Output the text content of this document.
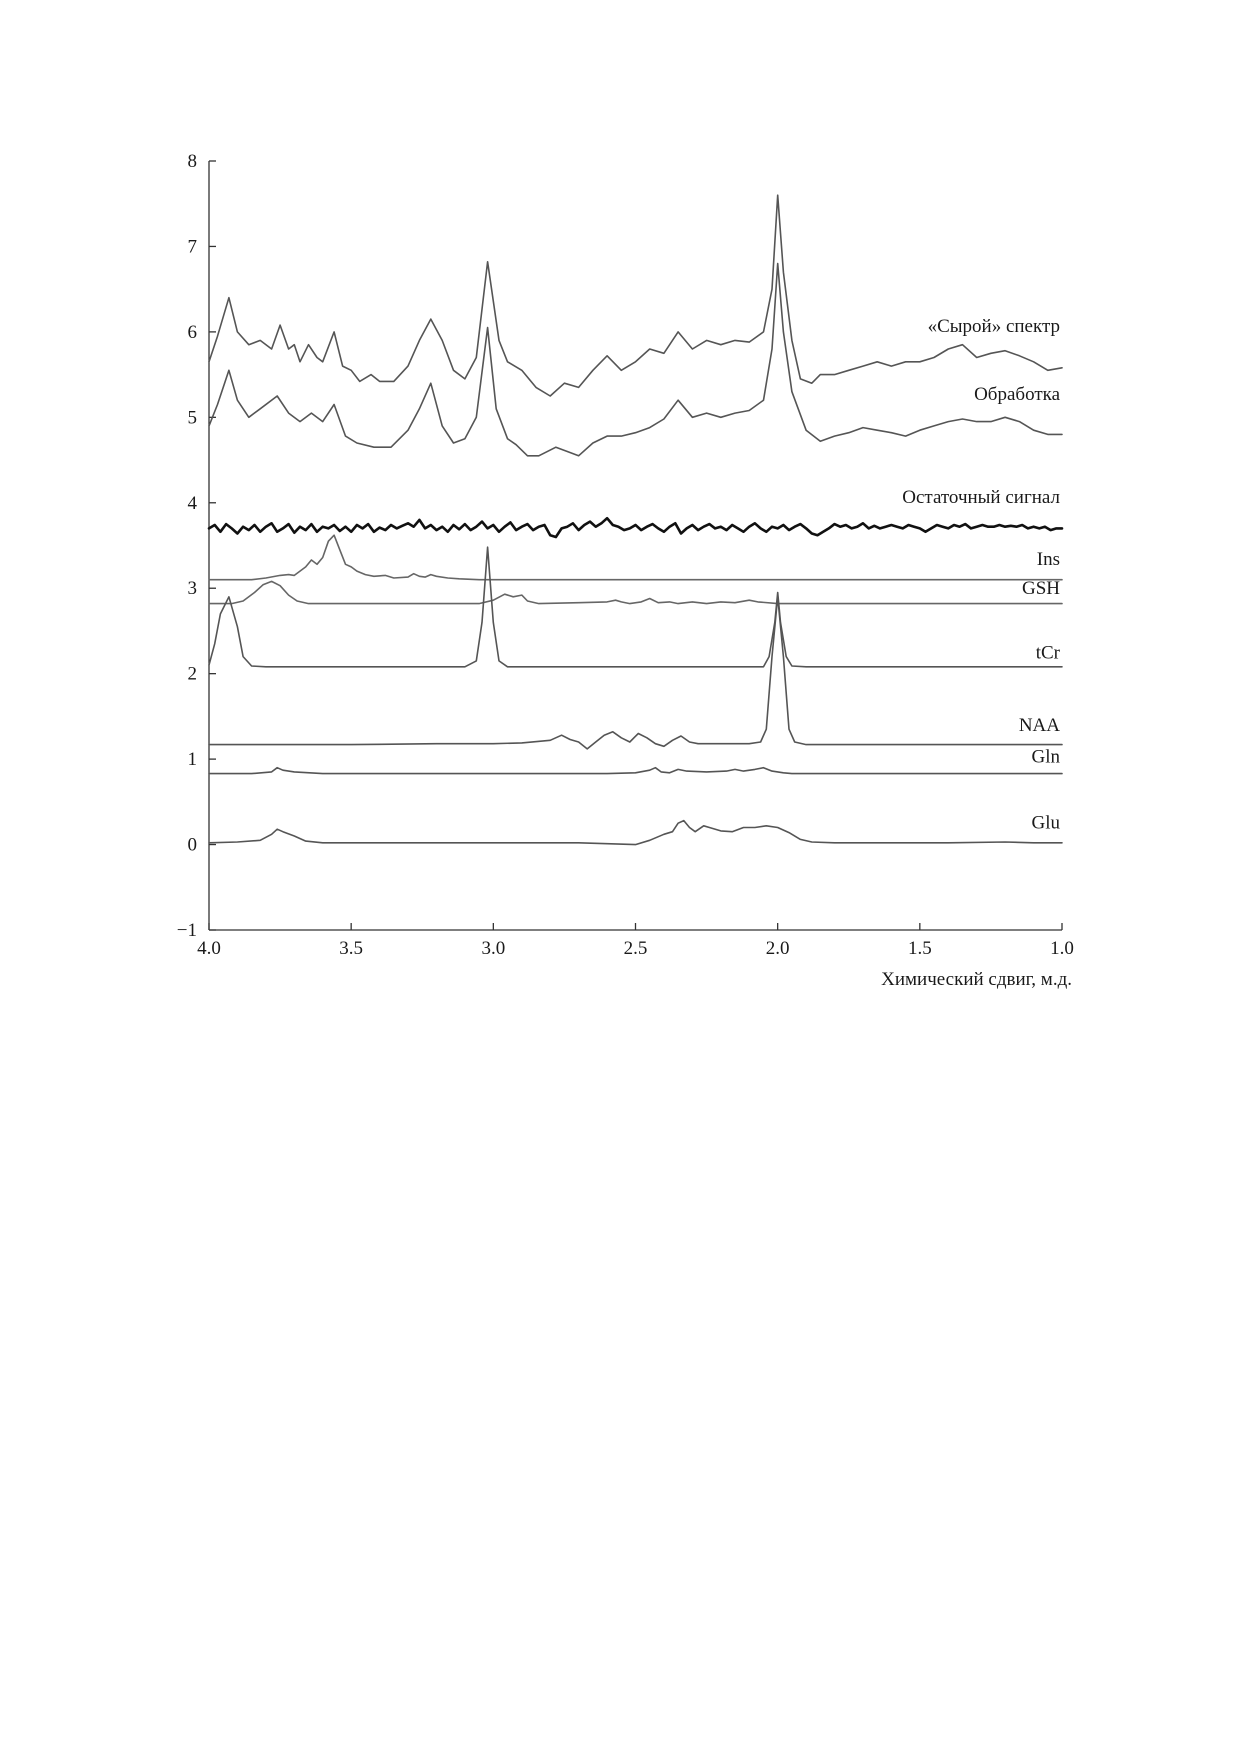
−1
0
1
2
3
4
5
6
7
8
4.0	3.5	3.0	2.5	2.0	1.5	1.0
Химический сдвиг, м.д.
«Сырой» спектр
Обработка
Остаточный сигнал
Ins
GSH
tCr
NAA
Gln
Glu
